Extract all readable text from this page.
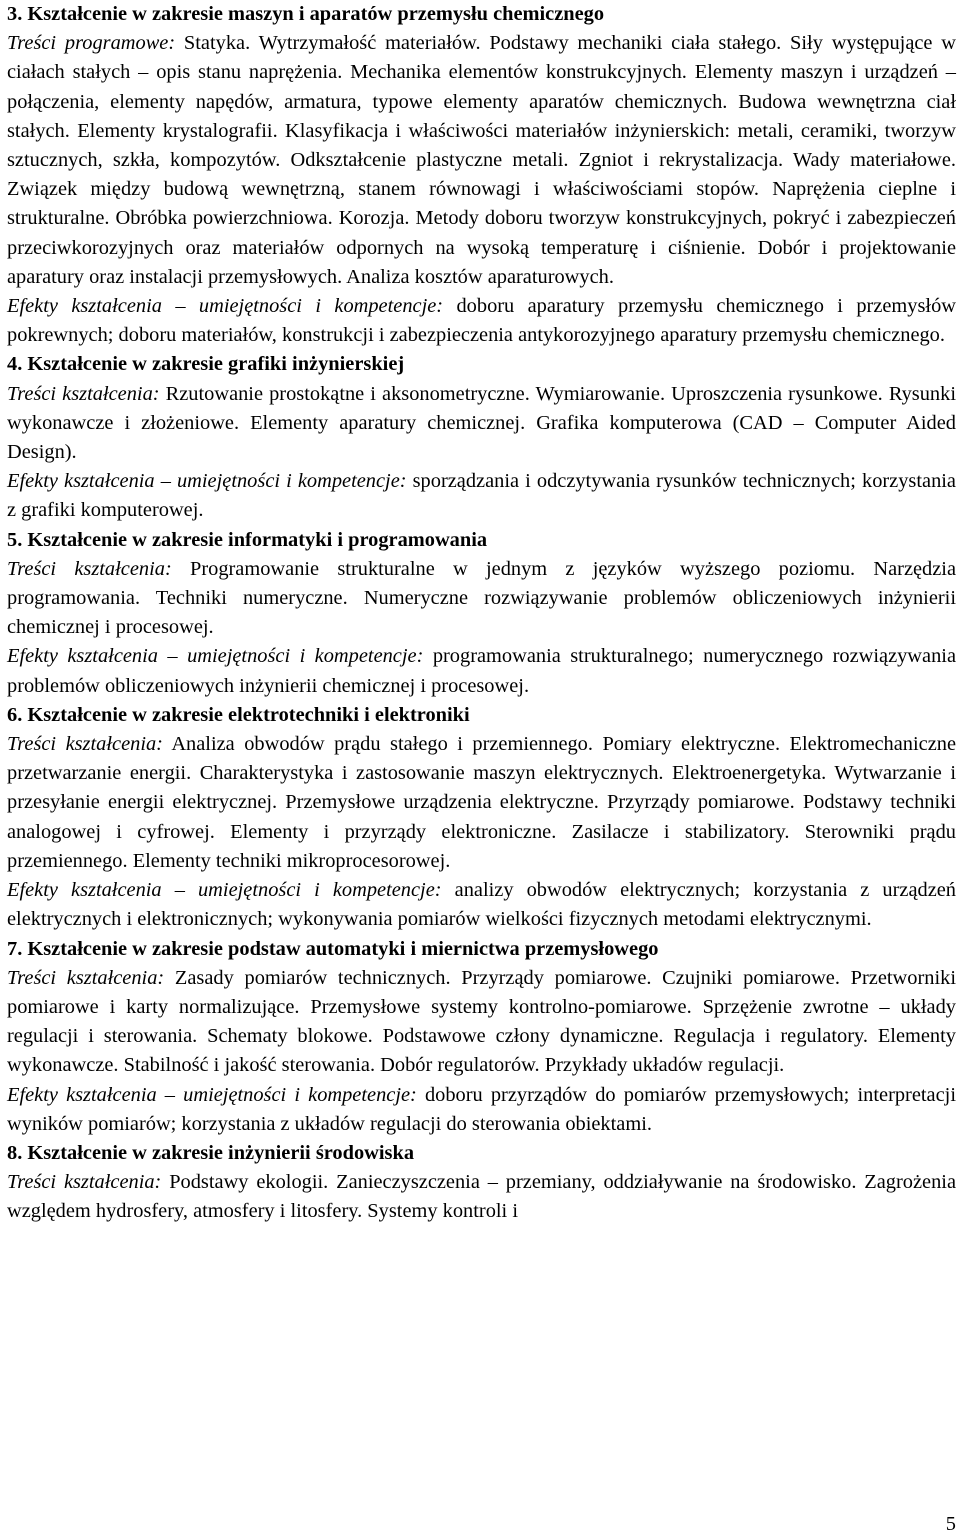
3. Kształcenie w zakresie maszyn i aparatów przemysłu chemicznego

Treści programowe: Statyka. Wytrzymałość materiałów. Podstawy mechaniki ciała stałego. Siły występujące w ciałach stałych – opis stanu naprężenia. Mechanika elementów konstrukcyjnych. Elementy maszyn i urządzeń – połączenia, elementy napędów, armatura, typowe elementy aparatów chemicznych. Budowa wewnętrzna ciał stałych. Elementy krystalografii. Klasyfikacja i właściwości materiałów inżynierskich: metali, ceramiki, tworzyw sztucznych, szkła, kompozytów. Odkształcenie plastyczne metali. Zgniot i rekrystalizacja. Wady materiałowe. Związek między budową wewnętrzną, stanem równowagi i właściwościami stopów. Naprężenia cieplne i strukturalne. Obróbka powierzchniowa. Korozja. Metody doboru tworzyw konstrukcyjnych, pokryć i zabezpieczeń przeciwkorozyjnych oraz materiałów odpornych na wysoką temperaturę i ciśnienie. Dobór i projektowanie aparatury oraz instalacji przemysłowych. Analiza kosztów aparaturowych.

Efekty kształcenia – umiejętności i kompetencje: doboru aparatury przemysłu chemicznego i przemysłów pokrewnych; doboru materiałów, konstrukcji i zabezpieczenia antykorozyjnego aparatury przemysłu chemicznego.

4. Kształcenie w zakresie grafiki inżynierskiej

Treści kształcenia: Rzutowanie prostokątne i aksonometryczne. Wymiarowanie. Uproszczenia rysunkowe. Rysunki wykonawcze i złożeniowe. Elementy aparatury chemicznej. Grafika komputerowa (CAD – Computer Aided Design).

Efekty kształcenia – umiejętności i kompetencje: sporządzania i odczytywania rysunków technicznych; korzystania z grafiki komputerowej.

5. Kształcenie w zakresie informatyki i programowania

Treści kształcenia: Programowanie strukturalne w jednym z języków wyższego poziomu. Narzędzia programowania. Techniki numeryczne. Numeryczne rozwiązywanie problemów obliczeniowych inżynierii chemicznej i procesowej.

Efekty kształcenia – umiejętności i kompetencje: programowania strukturalnego; numerycznego rozwiązywania problemów obliczeniowych inżynierii chemicznej i procesowej.

6. Kształcenie w zakresie elektrotechniki i elektroniki

Treści kształcenia: Analiza obwodów prądu stałego i przemiennego. Pomiary elektryczne. Elektromechaniczne przetwarzanie energii. Charakterystyka i zastosowanie maszyn elektrycznych. Elektroenergetyka. Wytwarzanie i przesyłanie energii elektrycznej. Przemysłowe urządzenia elektryczne. Przyrządy pomiarowe. Podstawy techniki analogowej i cyfrowej. Elementy i przyrządy elektroniczne. Zasilacze i stabilizatory. Sterowniki prądu przemiennego. Elementy techniki mikroprocesorowej.

Efekty kształcenia – umiejętności i kompetencje: analizy obwodów elektrycznych; korzystania z urządzeń elektrycznych i elektronicznych; wykonywania pomiarów wielkości fizycznych metodami elektrycznymi.

7. Kształcenie w zakresie podstaw automatyki i miernictwa przemysłowego

Treści kształcenia: Zasady pomiarów technicznych. Przyrządy pomiarowe. Czujniki pomiarowe. Przetworniki pomiarowe i karty normalizujące. Przemysłowe systemy kontrolno-pomiarowe. Sprzężenie zwrotne – układy regulacji i sterowania. Schematy blokowe. Podstawowe człony dynamiczne. Regulacja i regulatory. Elementy wykonawcze. Stabilność i jakość sterowania. Dobór regulatorów. Przykłady układów regulacji.

Efekty kształcenia – umiejętności i kompetencje: doboru przyrządów do pomiarów przemysłowych; interpretacji wyników pomiarów; korzystania z układów regulacji do sterowania obiektami.

8. Kształcenie w zakresie inżynierii środowiska

Treści kształcenia: Podstawy ekologii. Zanieczyszczenia – przemiany, oddziaływanie na środowisko. Zagrożenia względem hydrosfery, atmosfery i litosfery. Systemy kontroli i

5
